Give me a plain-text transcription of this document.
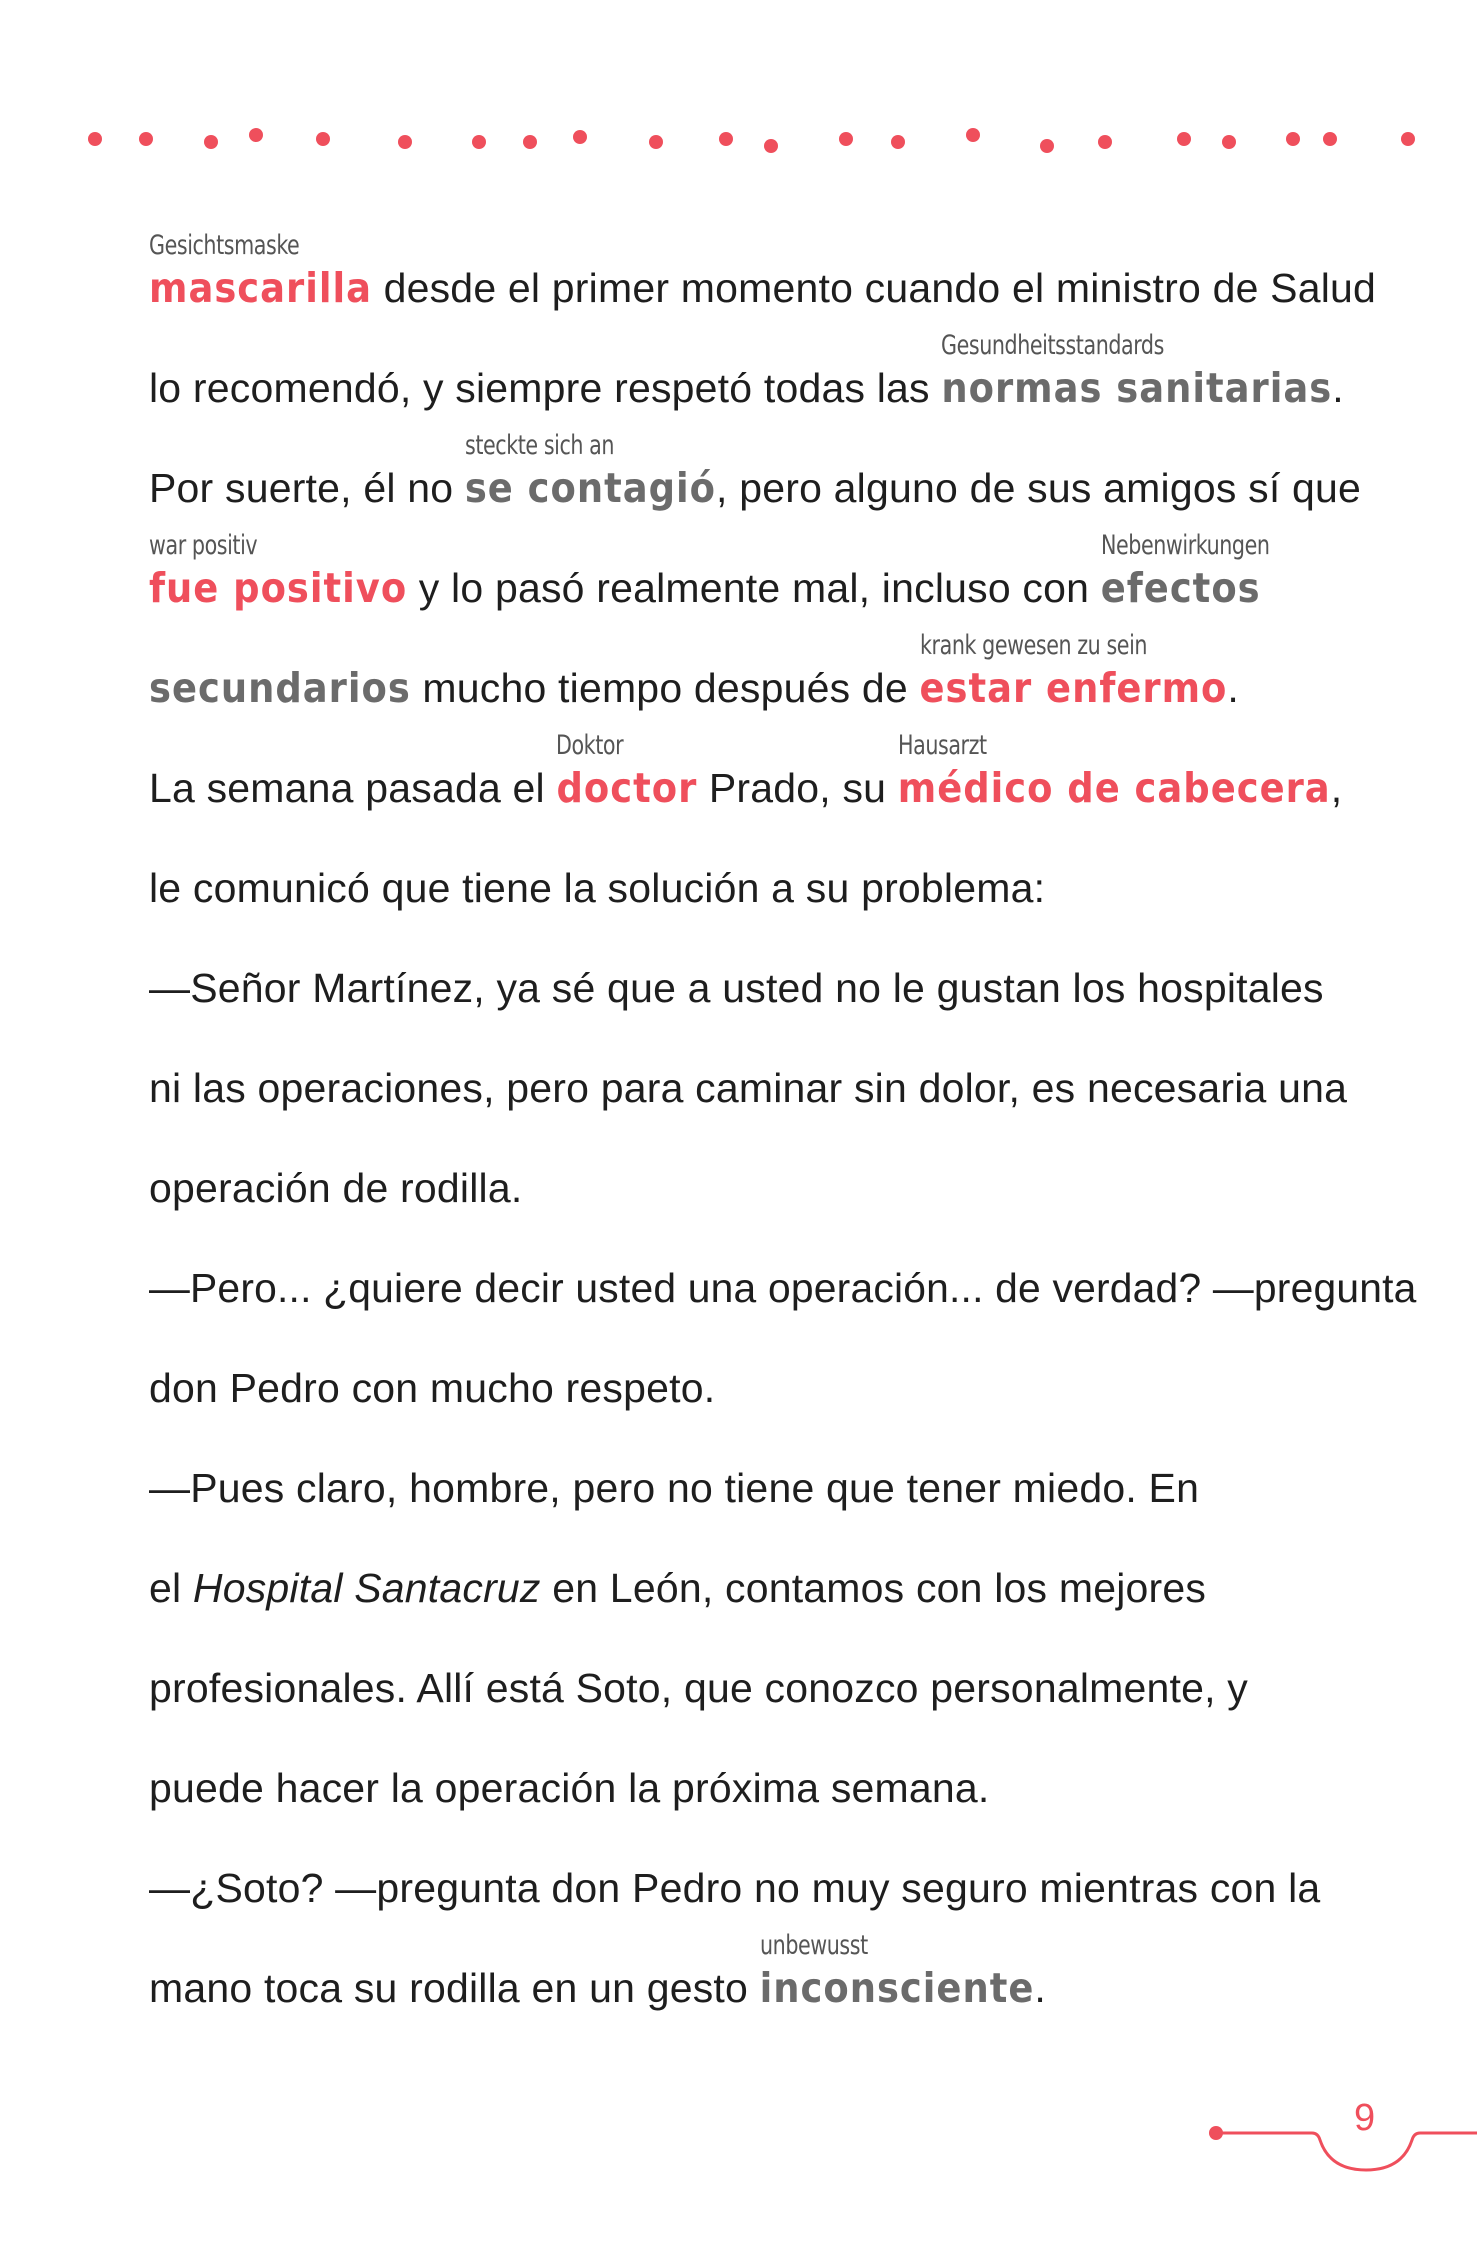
Gesichtsmaske
mascarilla desde el primer momento cuando el ministro de Salud
lo recomendó, y siempre respetó todas las
Gesundheitsstandards
normas sanitarias.
Por suerte, él no
steckte sich an
se contagió, pero alguno de sus amigos sí que
war positiv
fue positivo y lo pasó realmente mal, incluso con
Nebenwirkungen
efectos
secundarios mucho tiempo después de
krank gewesen zu sein
estar enfermo.
La semana pasada el
Doktor
doctor Prado, su
Hausarzt
médico de cabecera,
le comunicó que tiene la solución a su problema:
—Señor Martínez, ya sé que a usted no le gustan los hospitales
ni las operaciones, pero para caminar sin dolor, es necesaria una
operación de rodilla.
—Pero... ¿quiere decir usted una operación... de verdad? —pregunta
don Pedro con mucho respeto.
—Pues claro, hombre, pero no tiene que tener miedo. En
el Hospital Santacruz en León, contamos con los mejores
profesionales. Allí está Soto, que conozco personalmente, y
puede hacer la operación la próxima semana.
—¿Soto? —pregunta don Pedro no muy seguro mientras con la
mano toca su rodilla en un gesto
unbewusst
inconsciente.
9
